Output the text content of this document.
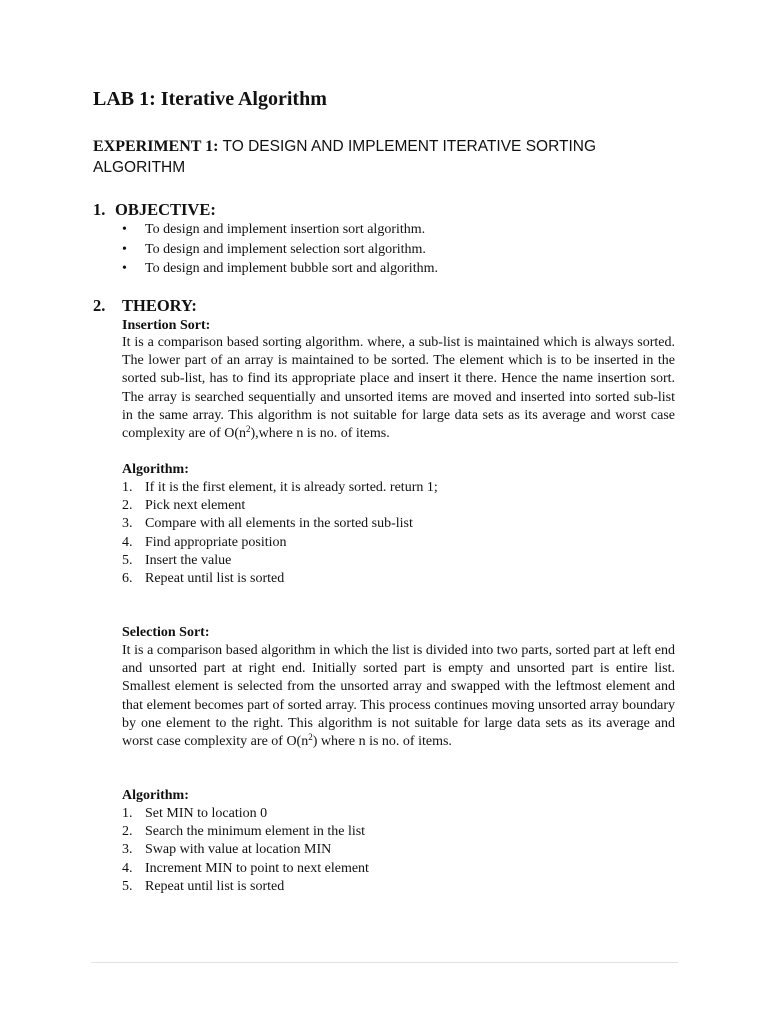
LAB 1: Iterative Algorithm
EXPERIMENT 1: TO DESIGN AND IMPLEMENT ITERATIVE SORTING ALGORITHM
1. OBJECTIVE:
• To design and implement insertion sort algorithm.
• To design and implement selection sort algorithm.
• To design and implement bubble sort and algorithm.
2. THEORY:
Insertion Sort:

It is a comparison based sorting algorithm. where, a sub-list is maintained which is always sorted. The lower part of an array is maintained to be sorted. The element which is to be inserted in the sorted sub-list, has to find its appropriate place and insert it there. Hence the name insertion sort. The array is searched sequentially and unsorted items are moved and inserted into sorted sub-list in the same array. This algorithm is not suitable for large data sets as its average and worst case complexity are of $O(n^2),where$ n is no. of items.

Algorithm:
1. If it is the first element, it is already sorted. return 1;
2. Pick next element
3. Compare with all elements in the sorted sub-list
4. Find appropriate position
5. Insert the value
6. Repeat until list is sorted
Selection Sort:

It is a comparison based algorithm in which the list is divided into two parts, sorted part at left end and unsorted part at right end. Initially sorted part is empty and unsorted part is entire list. Smallest element is selected from the unsorted array and swapped with the leftmost element and that element becomes part of sorted array. This process continues moving unsorted array boundary by one element to the right. This algorithm is not suitable for large data sets as its average and worst case complexity are of $O(n^2)$ where n is no. of items.

Algorithm:
1. Set MIN to location 0
2. Search the minimum element in the list
3. Swap with value at location MIN
4. Increment MIN to point to next element
5. Repeat until list is sorted
